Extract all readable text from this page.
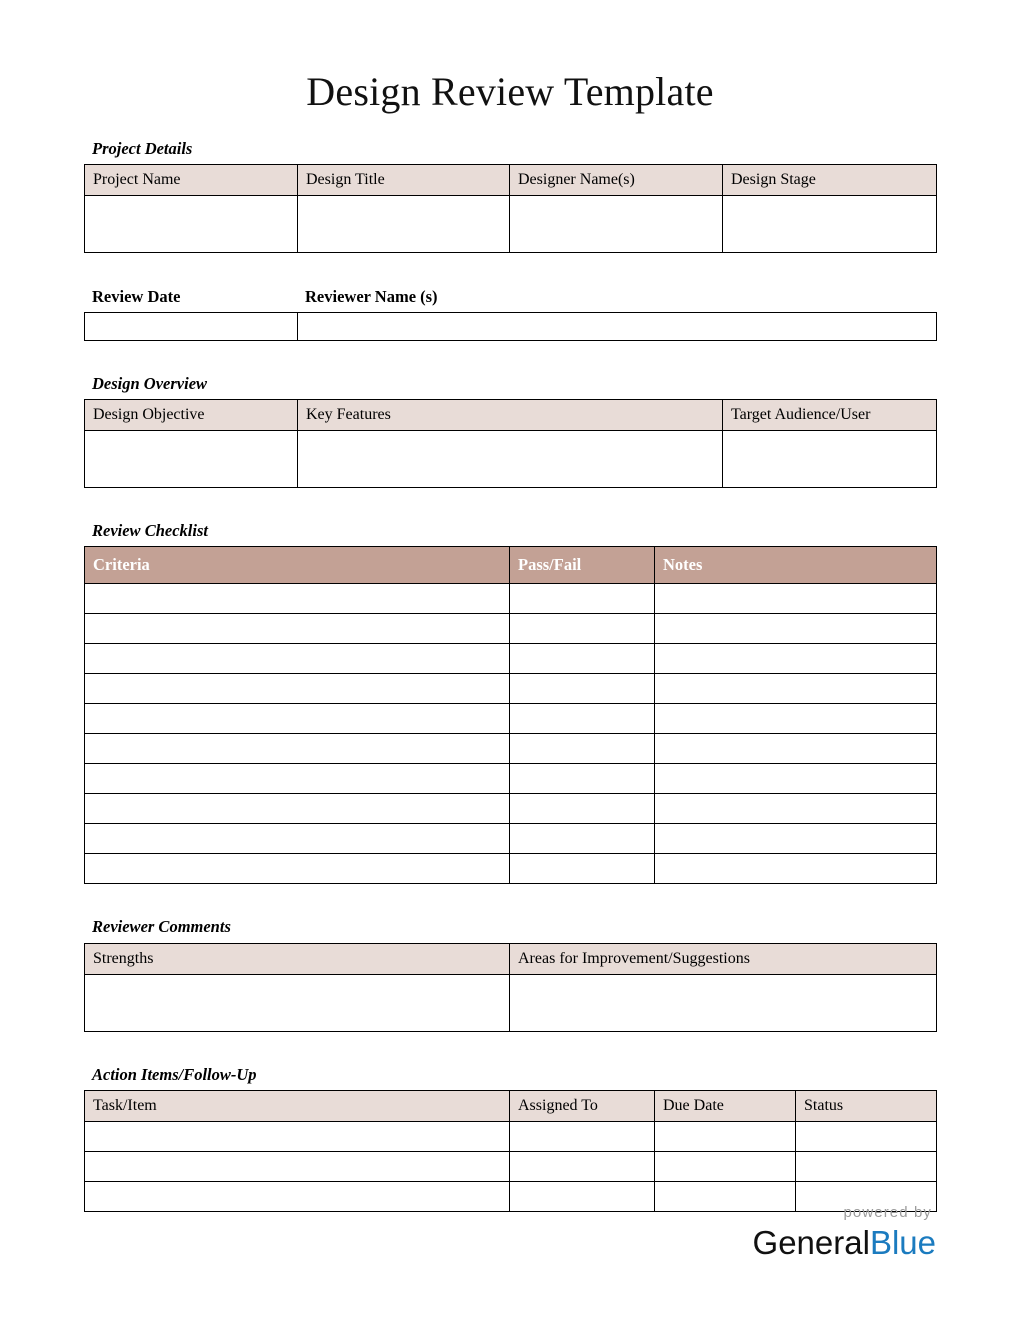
Design Review Template
Project Details
Project Name	Design Title	Designer Name(s)	Design Stage

Review Date	Reviewer Name (s)

Design Overview
Design Objective	Key Features	Target Audience/User

Review Checklist
Criteria	Pass/Fail	Notes

Reviewer Comments
Strengths	Areas for Improvement/Suggestions

Action Items/Follow-Up
Task/Item	Assigned To	Due Date	Status

powered by
GeneralBlue
